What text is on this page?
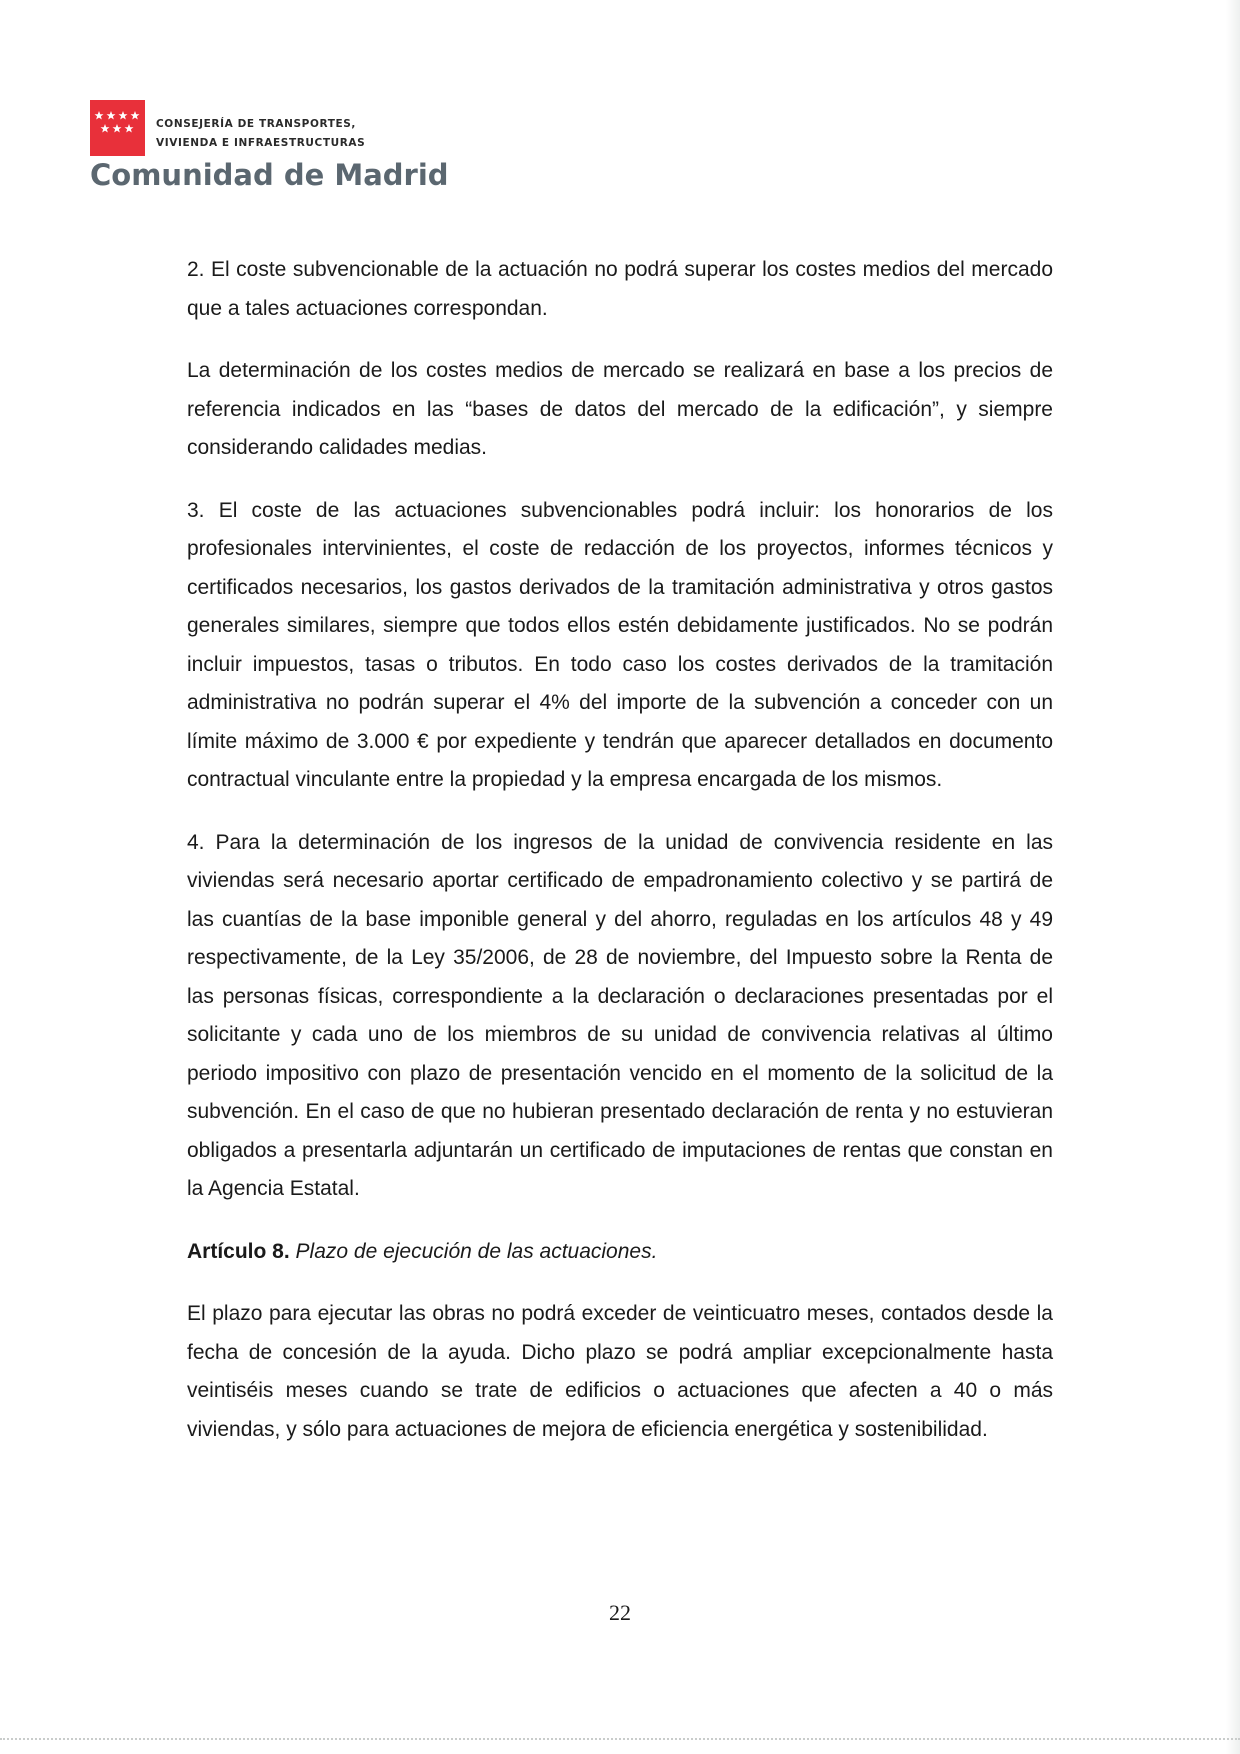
CONSEJERÍA DE TRANSPORTES,
VIVIENDA E INFRAESTRUCTURAS
Comunidad de Madrid

2. El coste subvencionable de la actuación no podrá superar los costes medios del mercado que a tales actuaciones correspondan.

La determinación de los costes medios de mercado se realizará en base a los precios de referencia indicados en las “bases de datos del mercado de la edificación”, y siempre considerando calidades medias.

3. El coste de las actuaciones subvencionables podrá incluir: los honorarios de los profesionales intervinientes, el coste de redacción de los proyectos, informes técnicos y certificados necesarios, los gastos derivados de la tramitación administrativa y otros gastos generales similares, siempre que todos ellos estén debidamente justificados. No se podrán incluir impuestos, tasas o tributos. En todo caso los costes derivados de la tramitación administrativa no podrán superar el 4% del importe de la subvención a conceder con un límite máximo de 3.000 € por expediente y tendrán que aparecer detallados en documento contractual vinculante entre la propiedad y la empresa encargada de los mismos.

4. Para la determinación de los ingresos de la unidad de convivencia residente en las viviendas será necesario aportar certificado de empadronamiento colectivo y se partirá de las cuantías de la base imponible general y del ahorro, reguladas en los artículos 48 y 49 respectivamente, de la Ley 35/2006, de 28 de noviembre, del Impuesto sobre la Renta de las personas físicas, correspondiente a la declaración o declaraciones presentadas por el solicitante y cada uno de los miembros de su unidad de convivencia relativas al último periodo impositivo con plazo de presentación vencido en el momento de la solicitud de la subvención. En el caso de que no hubieran presentado declaración de renta y no estuvieran obligados a presentarla adjuntarán un certificado de imputaciones de rentas que constan en la Agencia Estatal.

Artículo 8. Plazo de ejecución de las actuaciones.

El plazo para ejecutar las obras no podrá exceder de veinticuatro meses, contados desde la fecha de concesión de la ayuda. Dicho plazo se podrá ampliar excepcionalmente hasta veintiséis meses cuando se trate de edificios o actuaciones que afecten a 40 o más viviendas, y sólo para actuaciones de mejora de eficiencia energética y sostenibilidad.

22
